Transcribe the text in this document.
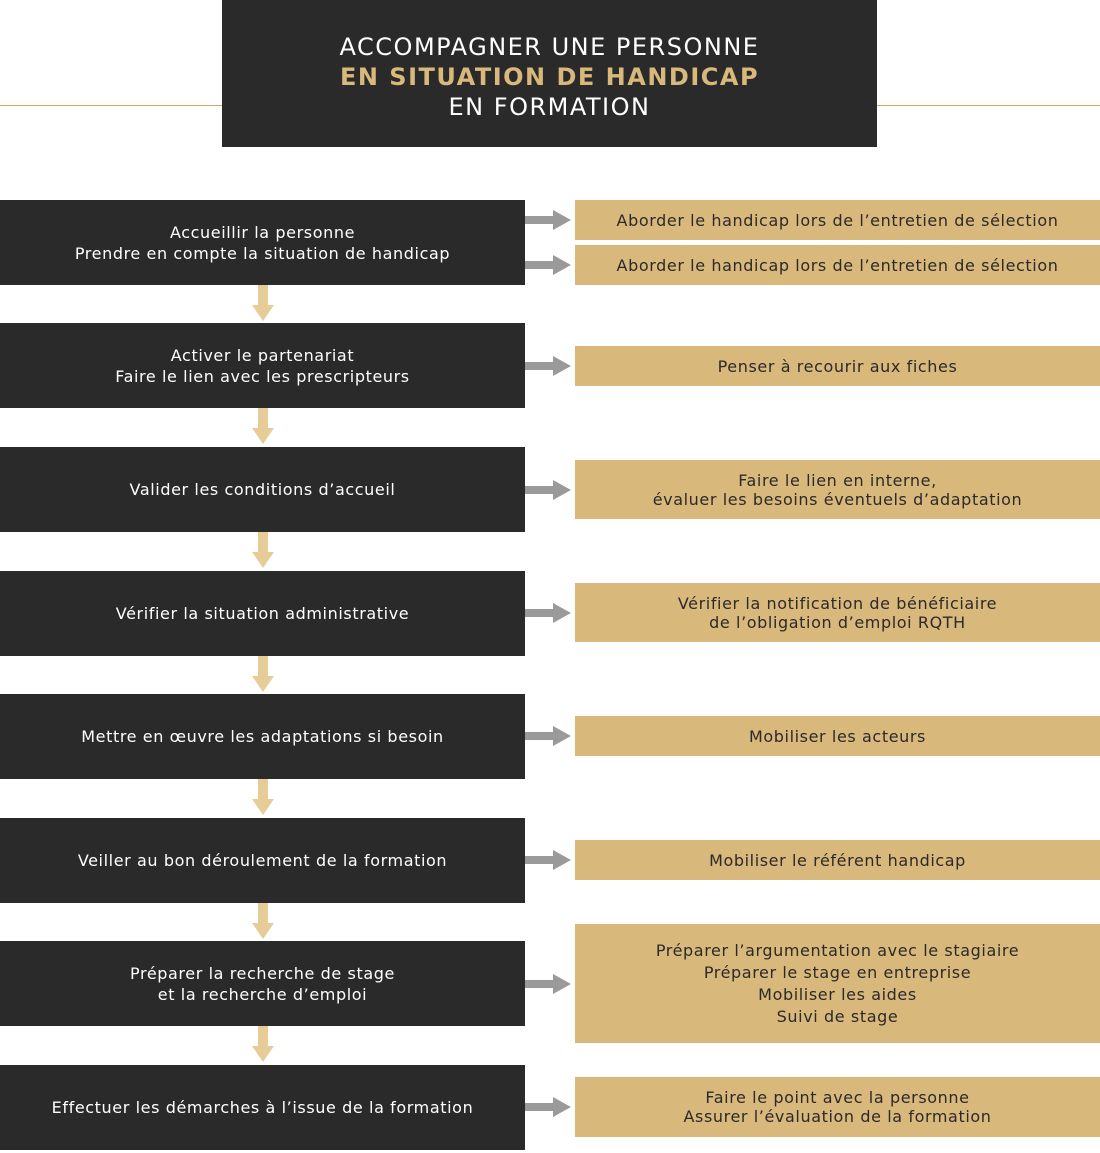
ACCOMPAGNER UNE PERSONNE
EN SITUATION DE HANDICAP
EN FORMATION
Accueillir la personne
Prendre en compte la situation de handicap
Activer le partenariat
Faire le lien avec les prescripteurs
Valider les conditions d’accueil
Vérifier la situation administrative
Mettre en œuvre les adaptations si besoin
Veiller au bon déroulement de la formation
Préparer la recherche de stage
et la recherche d’emploi
Effectuer les démarches à l’issue de la formation
Aborder le handicap lors de l’entretien de sélection
Aborder le handicap lors de l’entretien de sélection
Penser à recourir aux fiches
Faire le lien en interne,
évaluer les besoins éventuels d’adaptation
Vérifier la notification de bénéficiaire
de l’obligation d’emploi RQTH
Mobiliser les acteurs
Mobiliser le référent handicap
Préparer l’argumentation avec le stagiaire
Préparer le stage en entreprise
Mobiliser les aides
Suivi de stage
Faire le point avec la personne
Assurer l’évaluation de la formation
